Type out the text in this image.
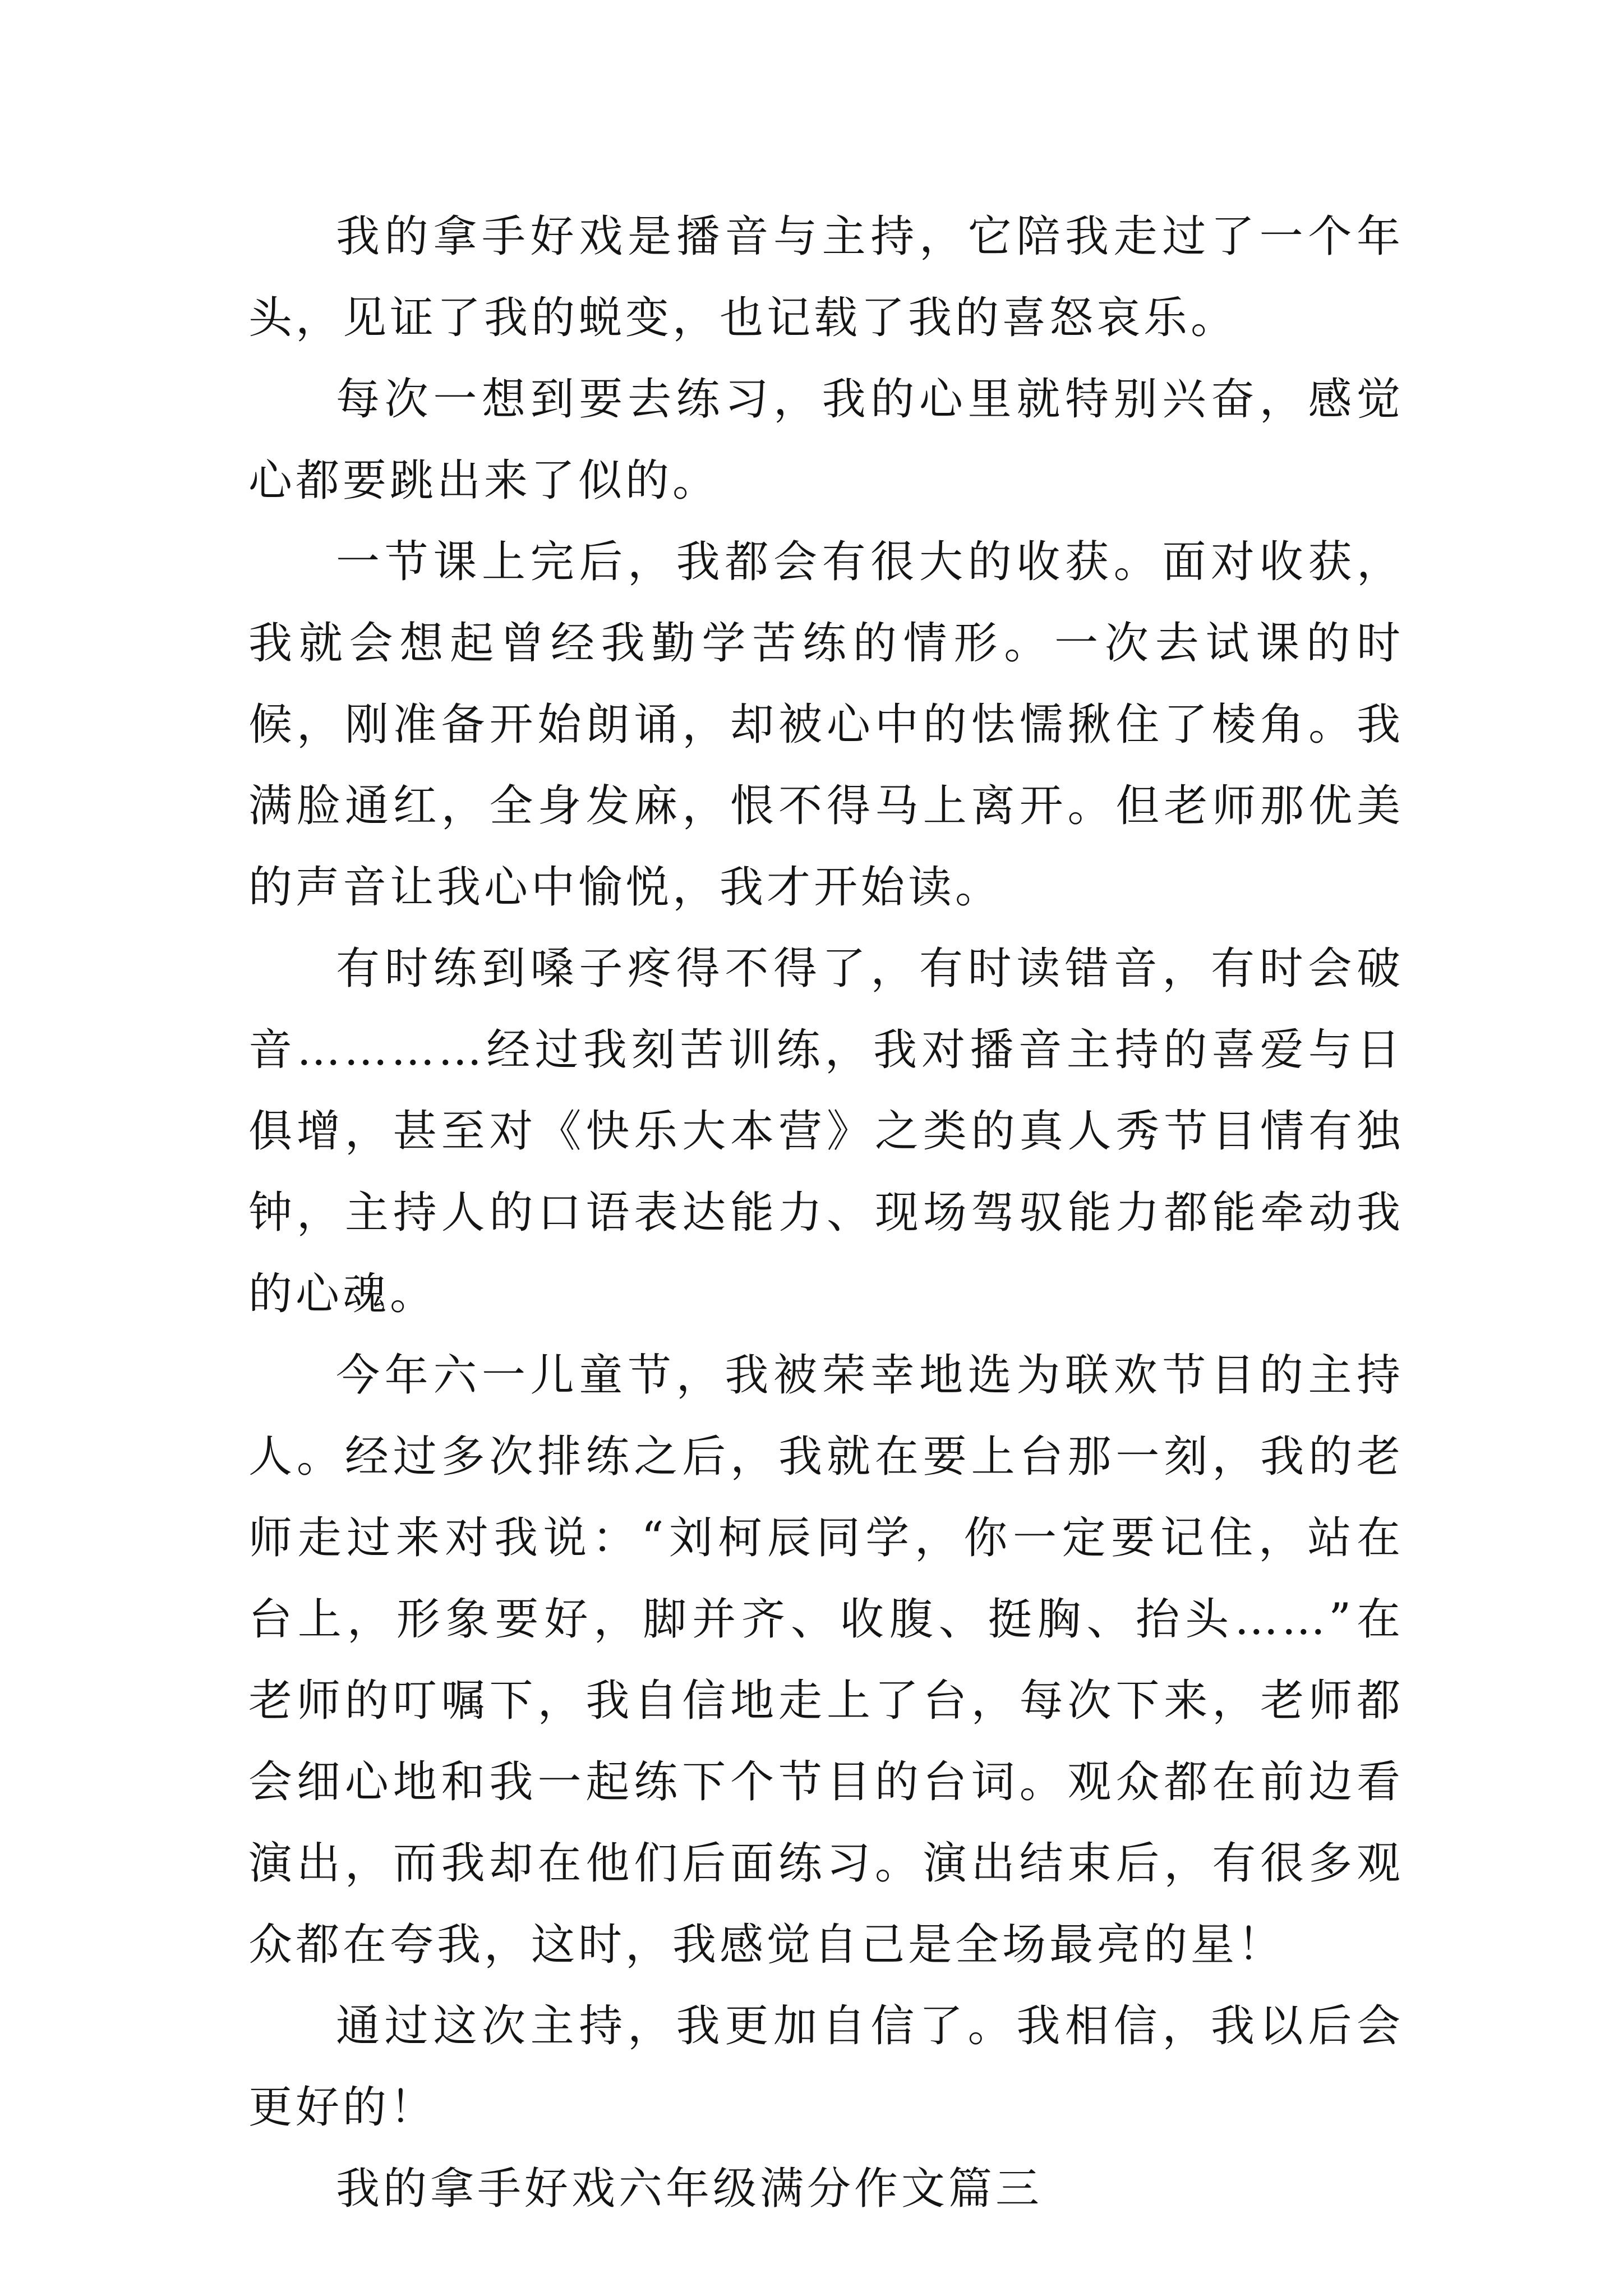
我的拿手好戏是播音与主持，它陪我走过了一个年头，见证了我的蜕变，也记载了我的喜怒哀乐。

每次一想到要去练习，我的心里就特别兴奋，感觉心都要跳出来了似的。

一节课上完后，我都会有很大的收获。面对收获，我就会想起曾经我勤学苦练的情形。一次去试课的时候，刚准备开始朗诵，却被心中的怯懦揪住了棱角。我满脸通红，全身发麻，恨不得马上离开。但老师那优美的声音让我心中愉悦，我才开始读。

有时练到嗓子疼得不得了，有时读错音，有时会破音…………经过我刻苦训练，我对播音主持的喜爱与日俱增，甚至对《快乐大本营》之类的真人秀节目情有独钟，主持人的口语表达能力、现场驾驭能力都能牵动我的心魂。

今年六一儿童节，我被荣幸地选为联欢节目的主持人。经过多次排练之后，我就在要上台那一刻，我的老师走过来对我说：“刘柯辰同学，你一定要记住，站在台上，形象要好，脚并齐、收腹、挺胸、抬头……”在老师的叮嘱下，我自信地走上了台，每次下来，老师都会细心地和我一起练下个节目的台词。观众都在前边看演出，而我却在他们后面练习。演出结束后，有很多观众都在夸我，这时，我感觉自己是全场最亮的星！

通过这次主持，我更加自信了。我相信，我以后会更好的！

我的拿手好戏六年级满分作文篇三
